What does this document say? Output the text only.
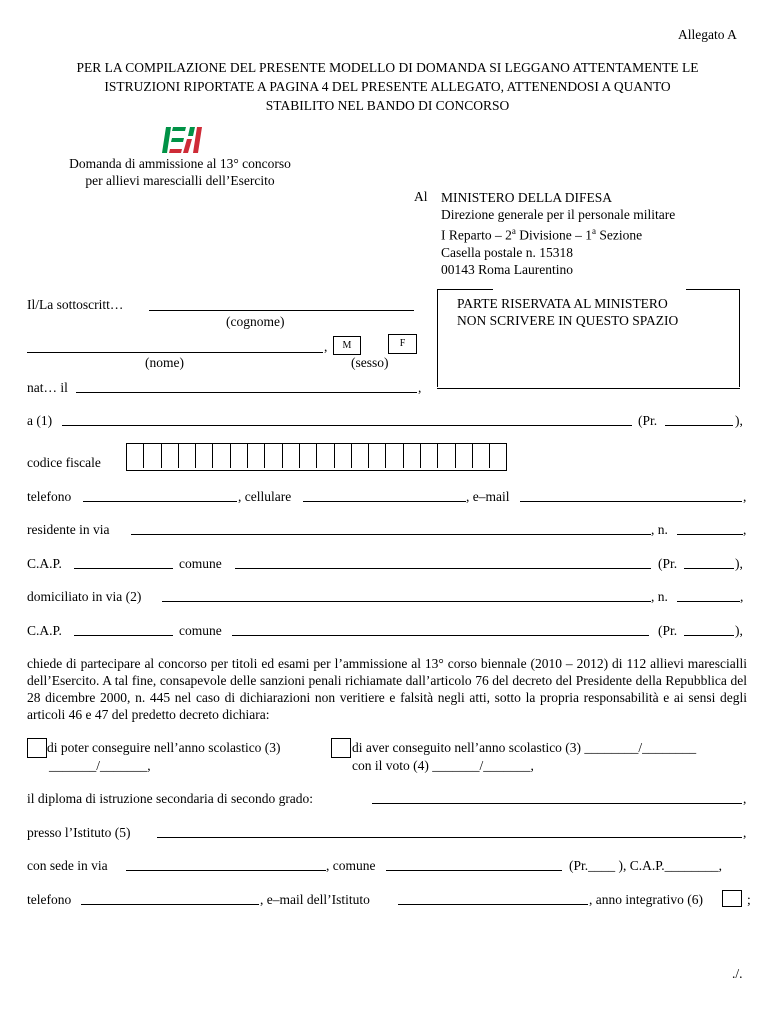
Allegato A
PER LA COMPILAZIONE DEL PRESENTE MODELLO DI DOMANDA SI LEGGANO ATTENTAMENTE LE
ISTRUZIONI RIPORTATE A PAGINA 4 DEL PRESENTE ALLEGATO, ATTENENDOSI A QUANTO
STABILITO NEL BANDO DI CONCORSO
Domanda di ammissione al 13° concorso
per allievi marescialli dell’Esercito
Al MINISTERO DELLA DIFESA
Direzione generale per il personale militare
I Reparto – 2$^a$ Divisione – 1$^a$ Sezione
Casella postale n. 15318
00143 Roma Laurentino
PARTE RISERVATA AL MINISTERO
NON SCRIVERE IN QUESTO SPAZIO
Il/La sottoscritt…
(cognome)
,	M	F
(nome)	(sesso)
nat… il	,
a (1)	(Pr.	),
codice fiscale
telefono	, cellulare	, e–mail	,
residente in via	, n.	,
C.A.P.	comune	(Pr.	),
domiciliato in via (2)	, n.	,
C.A.P.	comune	(Pr.	),
chiede di partecipare al concorso per titoli ed esami per l’ammissione al 13° corso biennale (2010 – 2012) di 112 allievi marescialli dell’Esercito. A tal fine, consapevole delle sanzioni penali richiamate dall’articolo 76 del decreto del Presidente della Repubblica del 28 dicembre 2000, n. 445 nel caso di dichiarazioni non veritiere e falsità negli atti, sotto la propria responsabilità e ai sensi degli articoli 46 e 47 del predetto decreto dichiara:
di poter conseguire nell’anno scolastico (3)
_______/_______,
di aver conseguito nell’anno scolastico (3) ________/________
con il voto (4) _______/_______,
il diploma di istruzione secondaria di secondo grado:	,
presso l’Istituto (5)	,
con sede in via	, comune	(Pr.____ ), C.A.P.________,
telefono	, e–mail dell’Istituto	, anno integrativo (6)	;
./.
